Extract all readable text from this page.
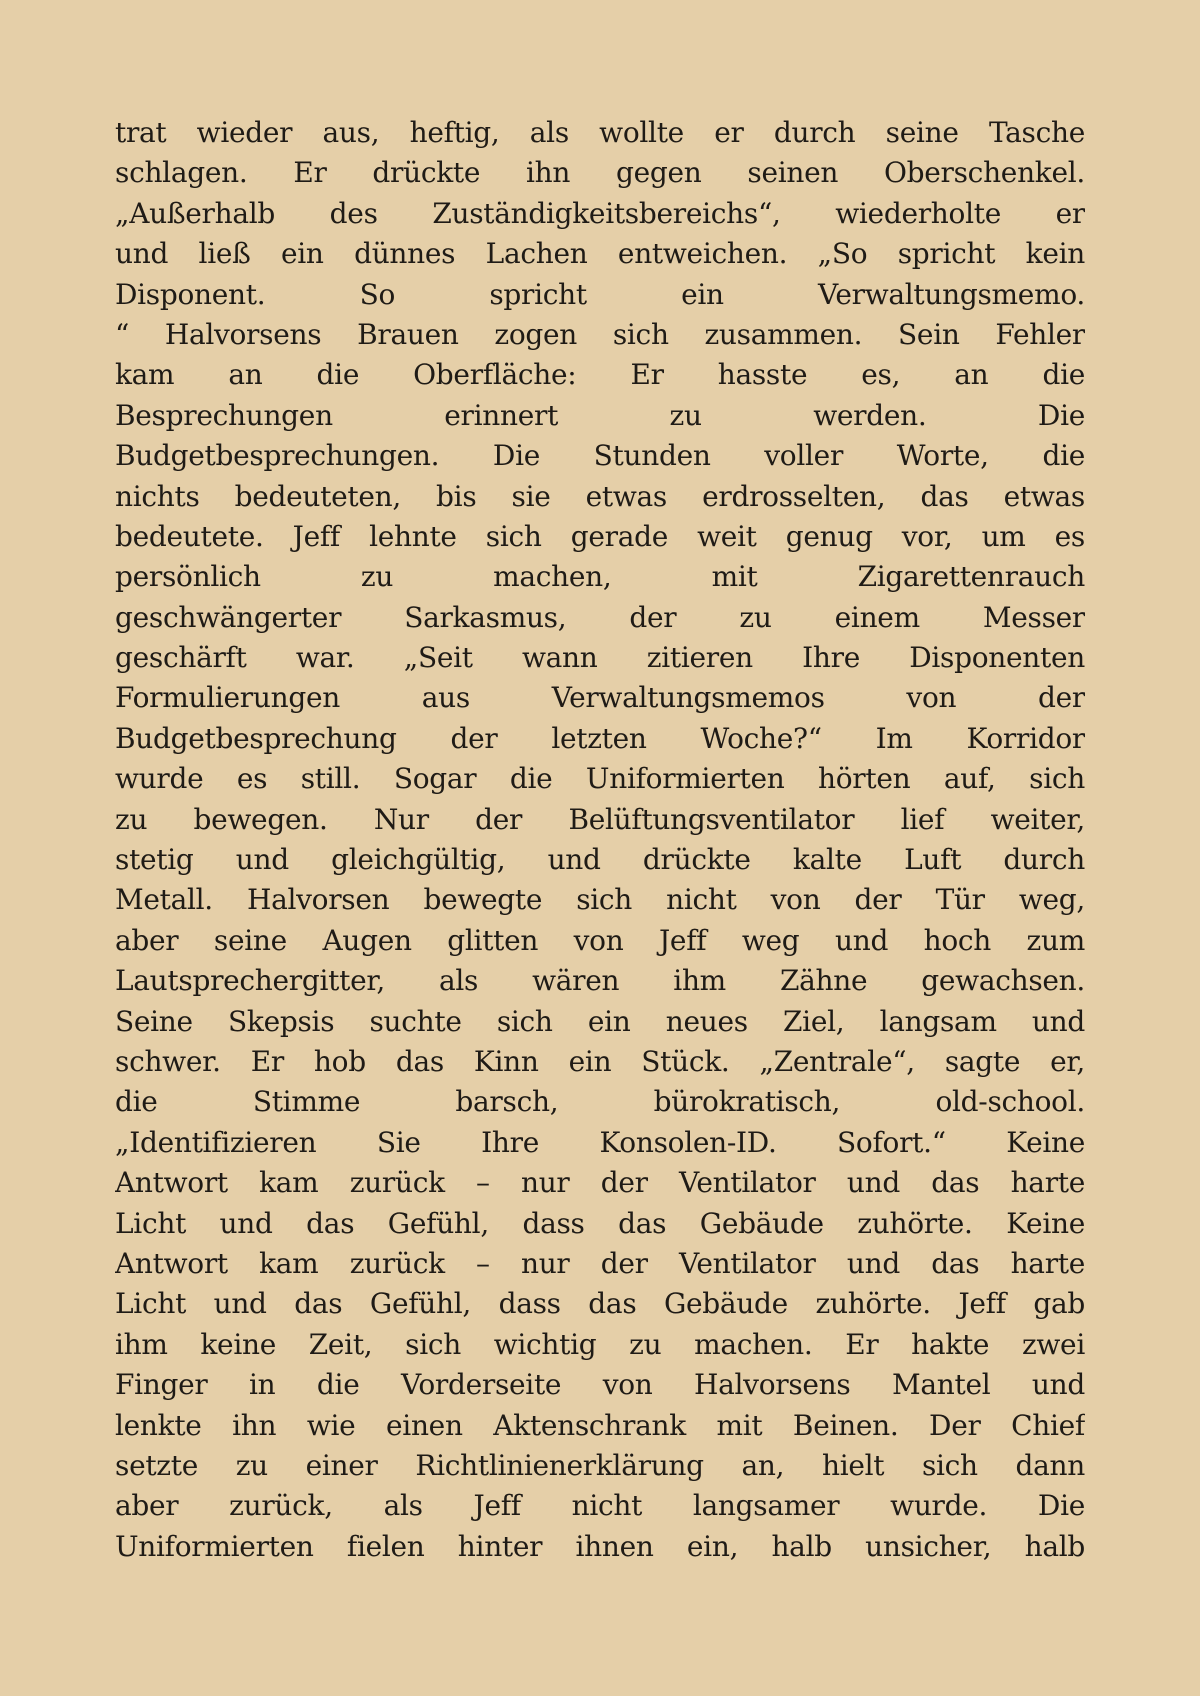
trat wieder aus, heftig, als wollte er durch seine Tasche
schlagen. Er drückte ihn gegen seinen Oberschenkel.
„Außerhalb des Zuständigkeitsbereichs“, wiederholte er
und ließ ein dünnes Lachen entweichen. „So spricht kein
Disponent. So spricht ein Verwaltungsmemo.
“ Halvorsens Brauen zogen sich zusammen. Sein Fehler
kam an die Oberfläche: Er hasste es, an die
Besprechungen erinnert zu werden. Die
Budgetbesprechungen. Die Stunden voller Worte, die
nichts bedeuteten, bis sie etwas erdrosselten, das etwas
bedeutete. Jeff lehnte sich gerade weit genug vor, um es
persönlich zu machen, mit Zigarettenrauch
geschwängerter Sarkasmus, der zu einem Messer
geschärft war. „Seit wann zitieren Ihre Disponenten
Formulierungen aus Verwaltungsmemos von der
Budgetbesprechung der letzten Woche?“ Im Korridor
wurde es still. Sogar die Uniformierten hörten auf, sich
zu bewegen. Nur der Belüftungsventilator lief weiter,
stetig und gleichgültig, und drückte kalte Luft durch
Metall. Halvorsen bewegte sich nicht von der Tür weg,
aber seine Augen glitten von Jeff weg und hoch zum
Lautsprechergitter, als wären ihm Zähne gewachsen.
Seine Skepsis suchte sich ein neues Ziel, langsam und
schwer. Er hob das Kinn ein Stück. „Zentrale“, sagte er,
die Stimme barsch, bürokratisch, old-school.
„Identifizieren Sie Ihre Konsolen-ID. Sofort.“ Keine
Antwort kam zurück – nur der Ventilator und das harte
Licht und das Gefühl, dass das Gebäude zuhörte. Keine
Antwort kam zurück – nur der Ventilator und das harte
Licht und das Gefühl, dass das Gebäude zuhörte. Jeff gab
ihm keine Zeit, sich wichtig zu machen. Er hakte zwei
Finger in die Vorderseite von Halvorsens Mantel und
lenkte ihn wie einen Aktenschrank mit Beinen. Der Chief
setzte zu einer Richtlinienerklärung an, hielt sich dann
aber zurück, als Jeff nicht langsamer wurde. Die
Uniformierten fielen hinter ihnen ein, halb unsicher, halb
